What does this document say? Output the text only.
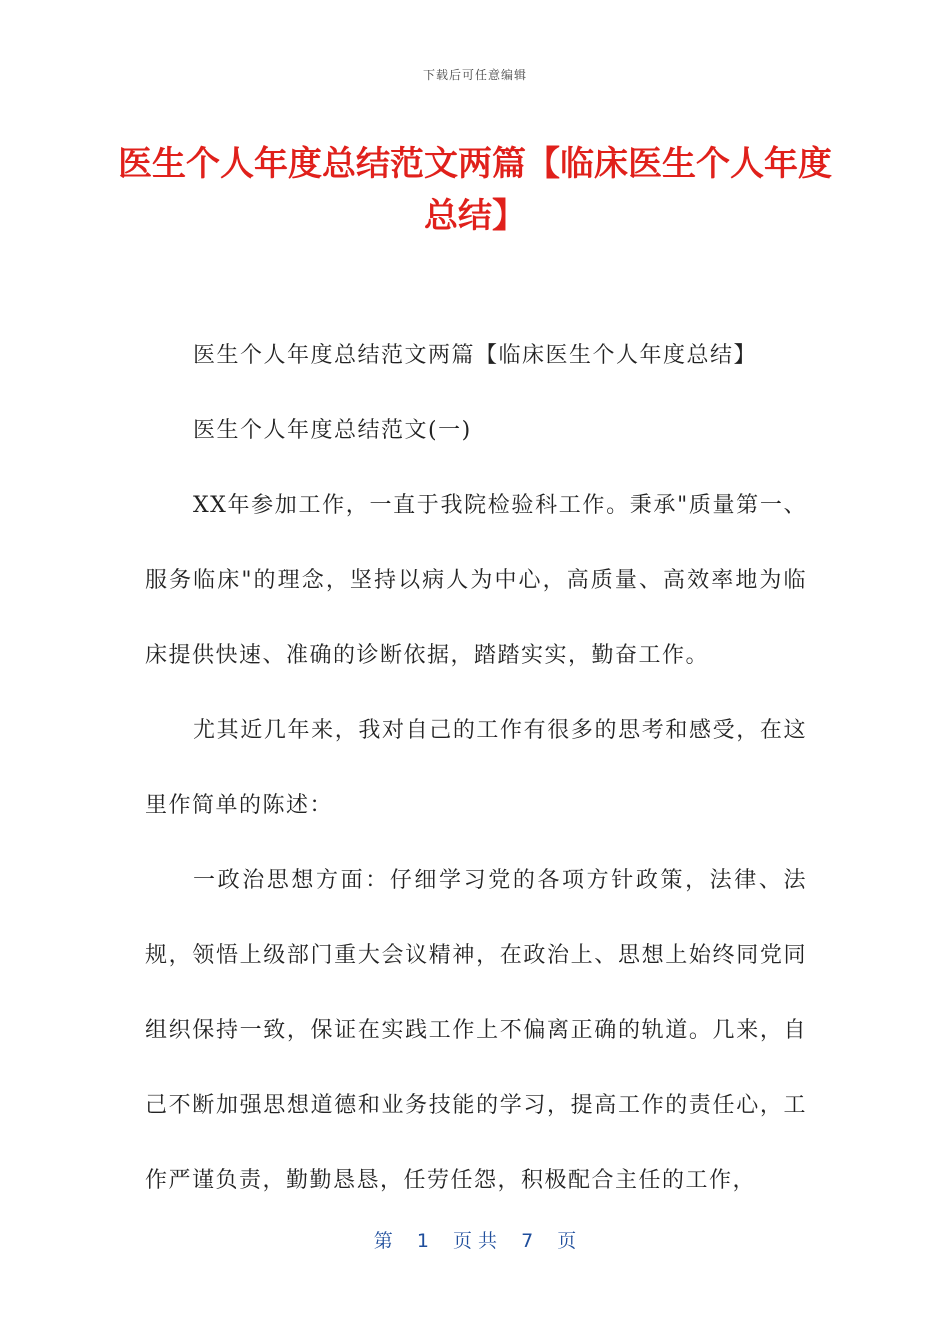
下载后可任意编辑
医生个人年度总结范文两篇【临床医生个人年度总结】

医生个人年度总结范文两篇【临床医生个人年度总结】

医生个人年度总结范文(一)

XX年参加工作，一直于我院检验科工作。秉承"质量第一、服务临床"的理念，坚持以病人为中心，高质量、高效率地为临床提供快速、准确的诊断依据，踏踏实实，勤奋工作。

尤其近几年来，我对自己的工作有很多的思考和感受，在这里作简单的陈述：

一政治思想方面：仔细学习党的各项方针政策，法律、法规，领悟上级部门重大会议精神，在政治上、思想上始终同党同组织保持一致，保证在实践工作上不偏离正确的轨道。几来，自己不断加强思想道德和业务技能的学习，提高工作的责任心，工作严谨负责，勤勤恳恳，任劳任怨，积极配合主任的工作，

第 1 页 共 7 页
